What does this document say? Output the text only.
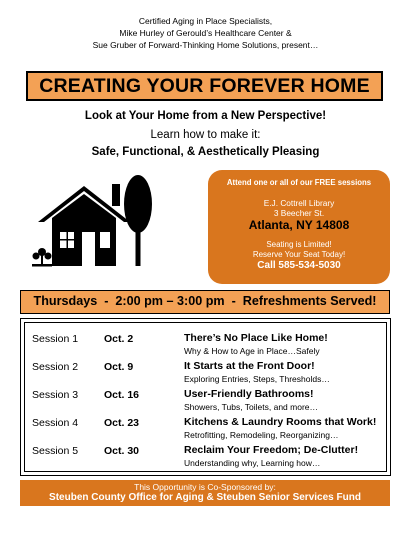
Certified Aging in Place Specialists,
Mike Hurley of Gerould’s Healthcare Center &
Sue Gruber of Forward-Thinking Home Solutions, present…
CREATING YOUR FOREVER HOME
Look at Your Home from a New Perspective!
Learn how to make it:
Safe, Functional, & Aesthetically Pleasing
Attend one or all of our FREE sessions
E.J. Cottrell Library
3 Beecher St.
Atlanta, NY 14808
Seating is Limited!
Reserve Your Seat Today!
Call 585-534-5030
Thursdays  -  2:00 pm – 3:00 pm  -  Refreshments Served!
Session 1 Oct. 2	There’s No Place Like Home!
Why & How to Age in Place…Safely
Session 2 Oct. 9	It Starts at the Front Door!
Exploring Entries, Steps, Thresholds…
Session 3 Oct. 16	User-Friendly Bathrooms!
Showers, Tubs, Toilets, and more…
Session 4 Oct. 23	Kitchens & Laundry Rooms that Work!
Retrofitting, Remodeling, Reorganizing…
Session 5 Oct. 30	Reclaim Your Freedom; De-Clutter!
Understanding why, Learning how…
This Opportunity is Co-Sponsored by:
Steuben County Office for Aging & Steuben Senior Services Fund
